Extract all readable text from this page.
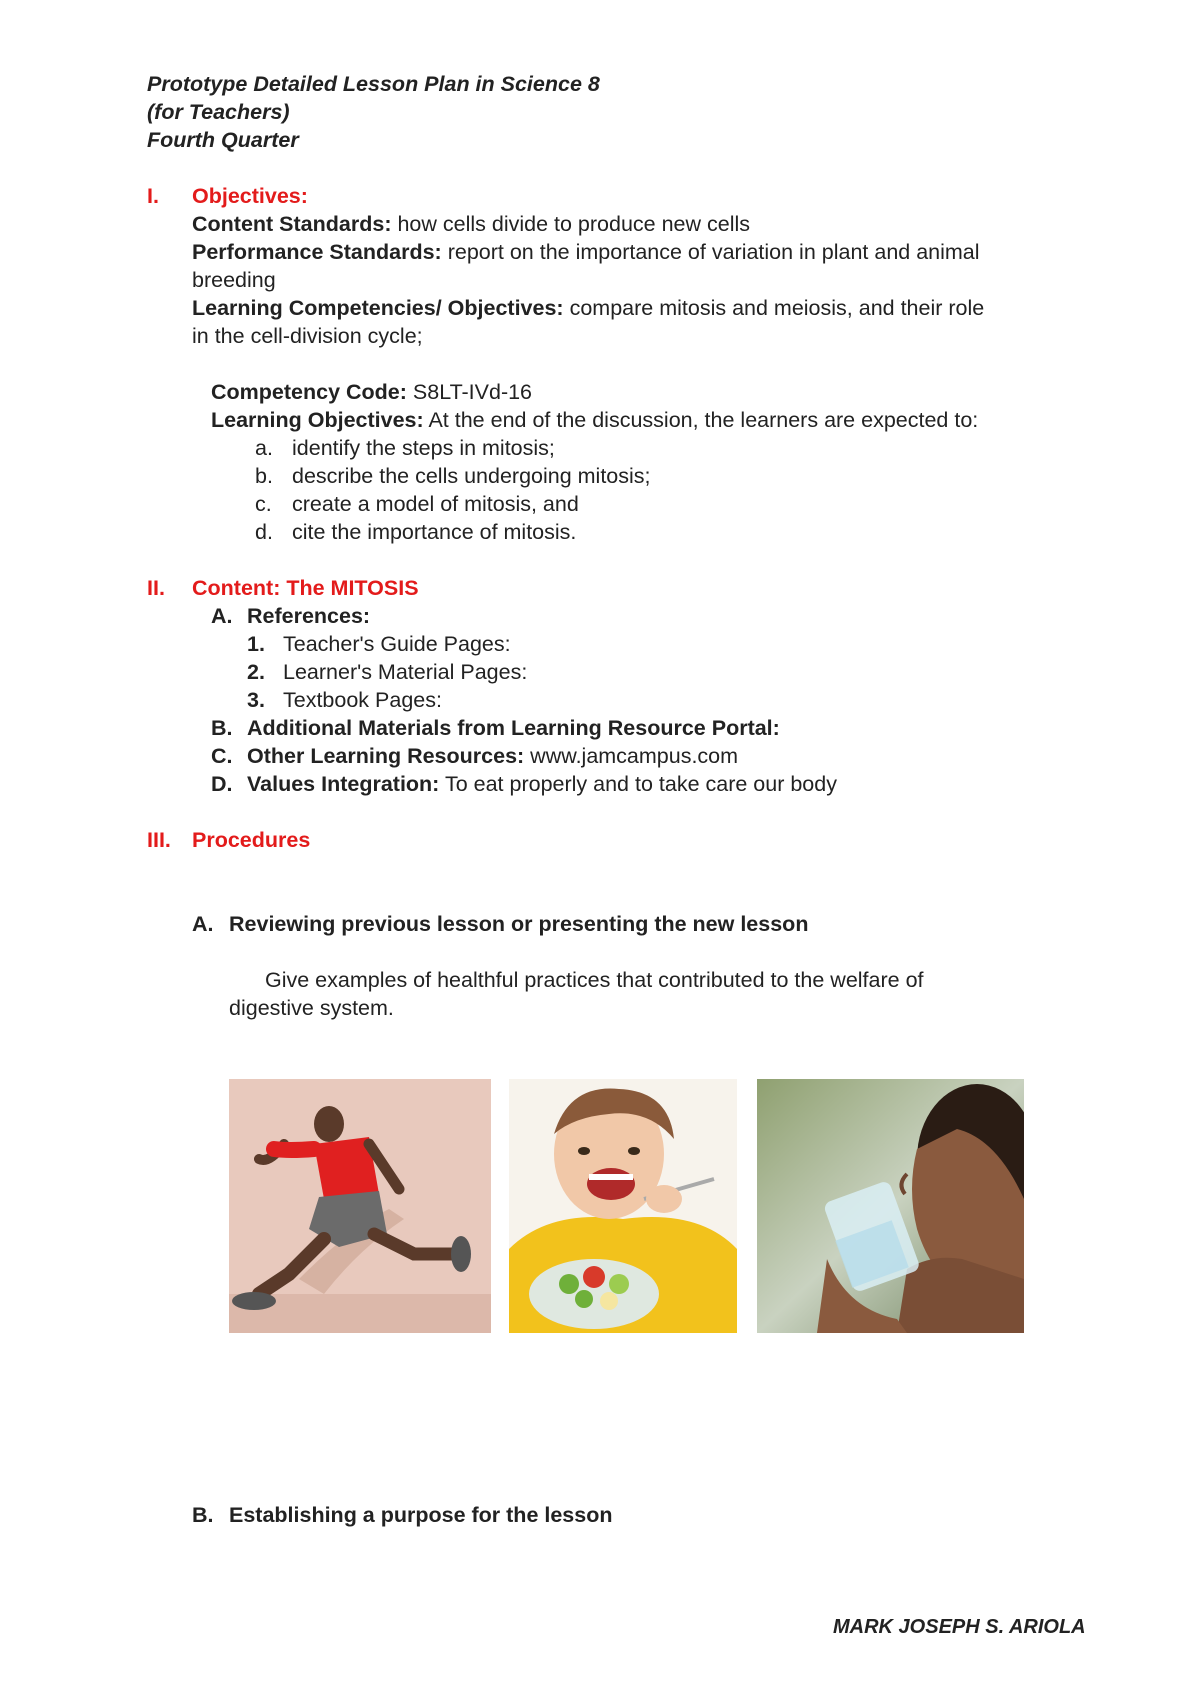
Prototype Detailed Lesson Plan in Science 8
(for Teachers)
Fourth Quarter
I. Objectives:
Content Standards: how cells divide to produce new cells
Performance Standards: report on the importance of variation in plant and animal
breeding
Learning Competencies/ Objectives: compare mitosis and meiosis, and their role
in the cell-division cycle;
Competency Code: S8LT-IVd-16
Learning Objectives: At the end of the discussion, the learners are expected to:
a. identify the steps in mitosis;
b. describe the cells undergoing mitosis;
c. create a model of mitosis, and
d. cite the importance of mitosis.
II. Content: The MITOSIS
A. References:
1. Teacher's Guide Pages:
2. Learner's Material Pages:
3. Textbook Pages:
B. Additional Materials from Learning Resource Portal:
C. Other Learning Resources: www.jamcampus.com
D. Values Integration: To eat properly and to take care our body
III. Procedures
A. Reviewing previous lesson or presenting the new lesson
Give examples of healthful practices that contributed to the welfare of
digestive system.
B. Establishing a purpose for the lesson
MARK JOSEPH S. ARIOLA
